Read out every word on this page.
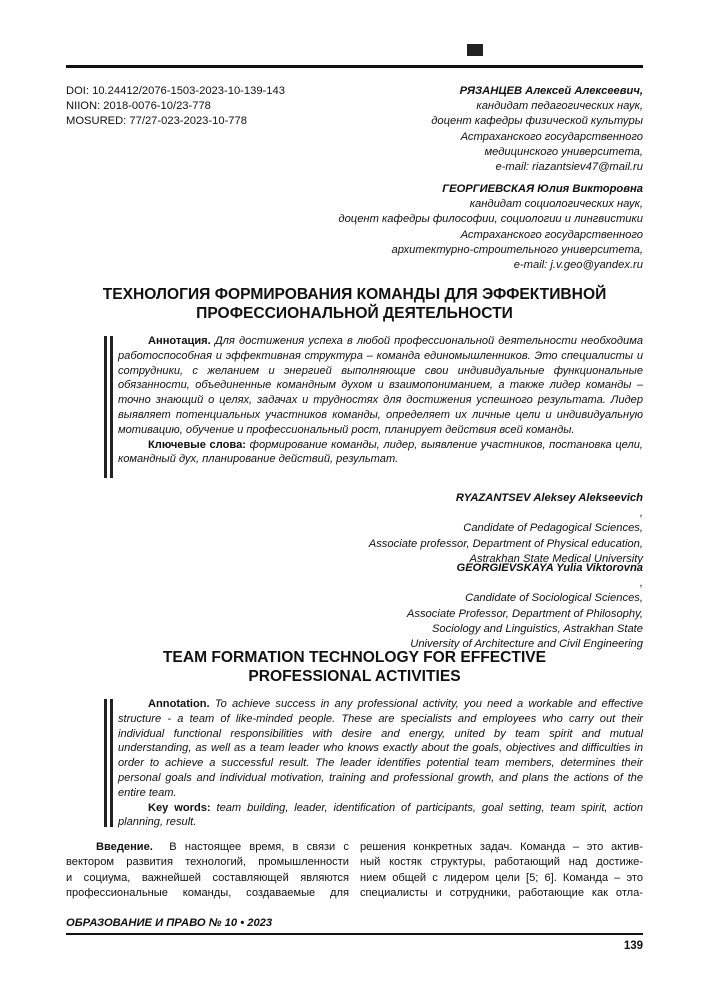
DOI: 10.24412/2076-1503-2023-10-139-143
NIION: 2018-0076-10/23-778
MOSURED: 77/27-023-2023-10-778
РЯЗАНЦЕВ Алексей Алексеевич,
кандидат педагогических наук,
доцент кафедры физической культуры
Астраханского государственного
медицинского университета,
e-mail: riazantsiev47@mail.ru
ГЕОРГИЕВСКАЯ Юлия Викторовна
кандидат социологических наук,
доцент кафедры философии, социологии и лингвистики
Астраханского государственного
архитектурно-строительного университета,
e-mail: j.v.geo@yandex.ru
ТЕХНОЛОГИЯ ФОРМИРОВАНИЯ КОМАНДЫ ДЛЯ ЭФФЕКТИВНОЙ
ПРОФЕССИОНАЛЬНОЙ ДЕЯТЕЛЬНОСТИ

Аннотация. Для достижения успеха в любой профессиональной деятельности необходима работоспособная и эффективная структура – команда единомышленников. Это специалисты и сотрудники, с желанием и энергией выполняющие свои индивидуальные функциональные обязанности, объединенные командным духом и взаимопониманием, а также лидер команды – точно знающий о целях, задачах и трудностях для достижения успешного результата. Лидер выявляет потенциальных участников команды, определяет их личные цели и индивидуальную мотивацию, обучение и профессиональный рост, планирует действия всей команды.

Ключевые слова: формирование команды, лидер, выявление участников, постановка цели, командный дух, планирование действий, результат.

RYAZANTSEV Aleksey Alekseevich
,
Candidate of Pedagogical Sciences,
Associate professor, Department of Physical education,
Astrakhan State Medical University
GEORGIEVSKAYA Yulia Viktorovna
,
Candidate of Sociological Sciences,
Associate Professor, Department of Philosophy,
Sociology and Linguistics, Astrakhan State
University of Architecture and Civil Engineering
TEAM FORMATION TECHNOLOGY FOR EFFECTIVE
PROFESSIONAL ACTIVITIES

Annotation. To achieve success in any professional activity, you need a workable and effective structure - a team of like-minded people. These are specialists and employees who carry out their individual functional responsibilities with desire and energy, united by team spirit and mutual understanding, as well as a team leader who knows exactly about the goals, objectives and difficulties in order to achieve a successful result. The leader identifies potential team members, determines their personal goals and individual motivation, training and professional growth, and plans the actions of the entire team.

Key words: team building, leader, identification of participants, goal setting, team spirit, action planning, result.

Введение. В настоящее время, в связи с
вектором развития технологий, промышленности
и социума, важнейшей составляющей являются
профессиональные команды, создаваемые для
решения конкретных задач. Команда – это актив-
ный костяк структуры, работающий над достиже-
нием общей с лидером цели [5; 6]. Команда – это
специалисты и сотрудники, работающие как отла-
ОБРАЗОВАНИЕ И ПРАВО № 10 • 2023
139
